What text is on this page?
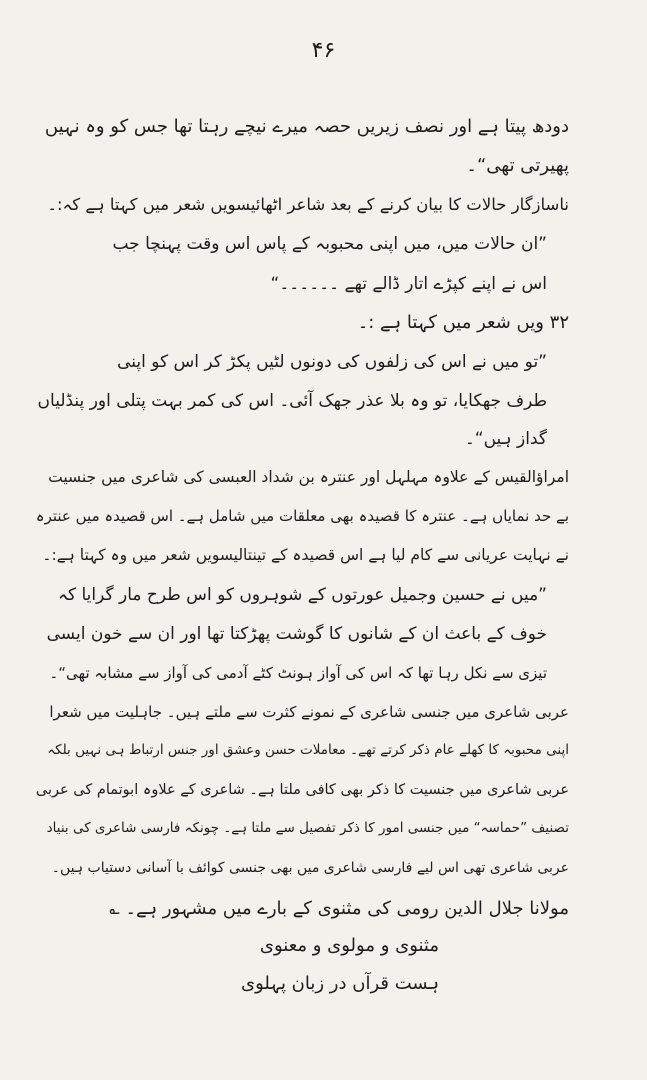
۴۶
دودھ پیتا ہے اور نصف زیریں حصہ میرے نیچے رہتا تھا جس کو وہ نہیں
پھیرتی تھی“۔
ناسازگار حالات کا بیان کرنے کے بعد شاعر اٹھائیسویں شعر میں کہتا ہے کہ:۔
”ان حالات میں، میں اپنی محبوبہ کے پاس اس وقت پہنچا جب
اس نے اپنے کپڑے اتار ڈالے تھے ۔۔۔۔۔۔“
۳۲ ویں شعر میں کہتا ہے :۔
”تو میں نے اس کی زلفوں کی دونوں لٹیں پکڑ کر اس کو اپنی
طرف جھکایا، تو وہ بلا عذر جھک آئی۔ اس کی کمر بہت پتلی اور پنڈلیاں
گداز ہیں“۔
امراؤالقیس کے علاوہ مہلہل اور عنترہ بن شداد العبسی کی شاعری میں جنسیت
بے حد نمایاں ہے۔ عنترہ کا قصیدہ بھی معلقات میں شامل ہے۔ اس قصیدہ میں عنترہ
نے نہایت عریانی سے کام لیا ہے اس قصیدہ کے تینتالیسویں شعر میں وہ کہتا ہے:۔
”میں نے حسین وجمیل عورتوں کے شوہروں کو اس طرح مار گرایا کہ
خوف کے باعث ان کے شانوں کا گوشت پھڑکتا تھا اور ان سے خون ایسی
تیزی سے نکل رہا تھا کہ اس کی آواز ہونٹ کٹے آدمی کی آواز سے مشابہ تھی“۔
عربی شاعری میں جنسی شاعری کے نمونے کثرت سے ملتے ہیں۔ جاہلیت میں شعرا
اپنی محبوبہ کا کھلے عام ذکر کرتے تھے۔ معاملات حسن وعشق اور جنس ارتباط ہی نہیں بلکہ
عربی شاعری میں جنسیت کا ذکر بھی کافی ملتا ہے۔ شاعری کے علاوہ ابوتمام کی عربی
تصنیف ”حماسہ“ میں جنسی امور کا ذکر تفصیل سے ملتا ہے۔ چونکہ فارسی شاعری کی بنیاد
عربی شاعری تھی اس لیے فارسی شاعری میں بھی جنسی کوائف با آسانی دستیاب ہیں۔
مولانا جلال الدین رومی کی مثنوی کے بارے میں مشہور ہے۔ ؎
مثنوی و مولوی و معنوی
ہست قرآں در زبان پہلوی
